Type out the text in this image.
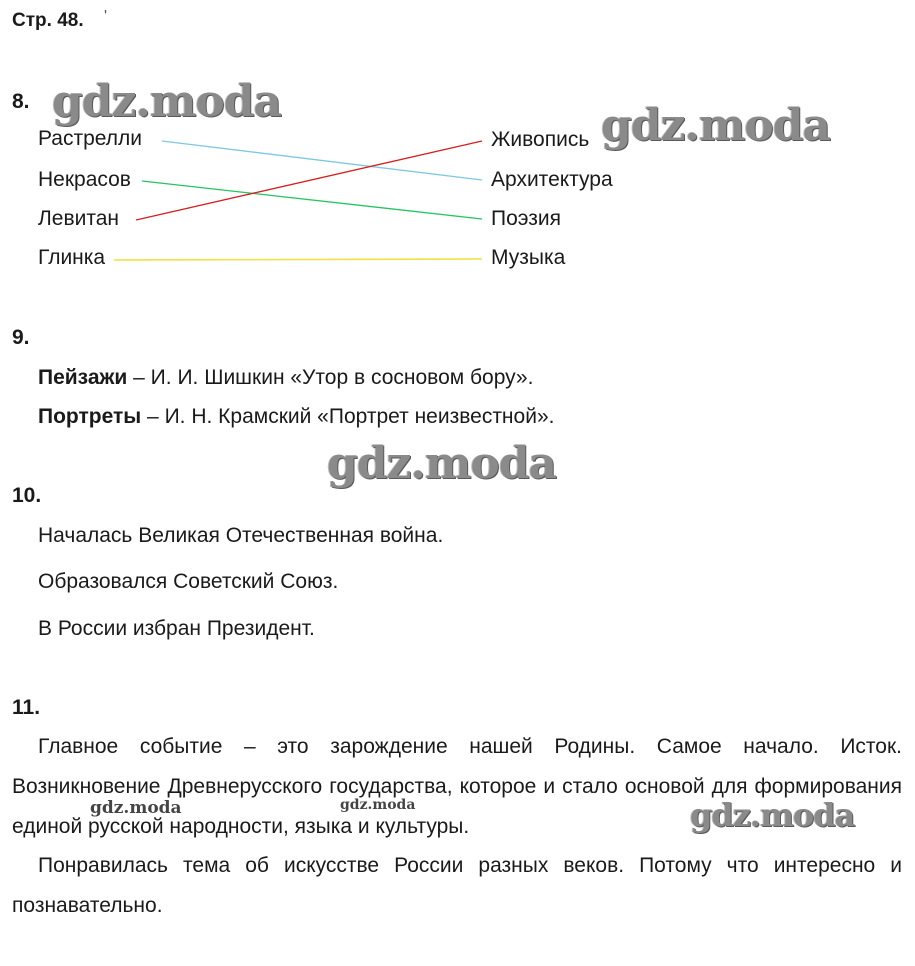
Стр. 48. '
8.
Растрелли
Некрасов
Левитан
Глинка
Живопись
Архитектура
Поэзия
Музыка
9.
Пейзажи – И. И. Шишкин «Утор в сосновом бору».
Портреты – И. Н. Крамский «Портрет неизвестной».
10.
Началась Великая Отечественная война.
Образовался Советский Союз.
В России избран Президент.
11.

Главное событие – это зарождение нашей Родины. Самое начало. Исток. Возникновение Древнерусского государства, которое и стало основой для формирования единой русской народности, языка и культуры.

Понравилась тема об искусстве России разных веков. Потому что интересно и познавательно.

gdz.moda	gdz.moda
gdz.moda
gdz.moda	gdz.moda	gdz.moda
